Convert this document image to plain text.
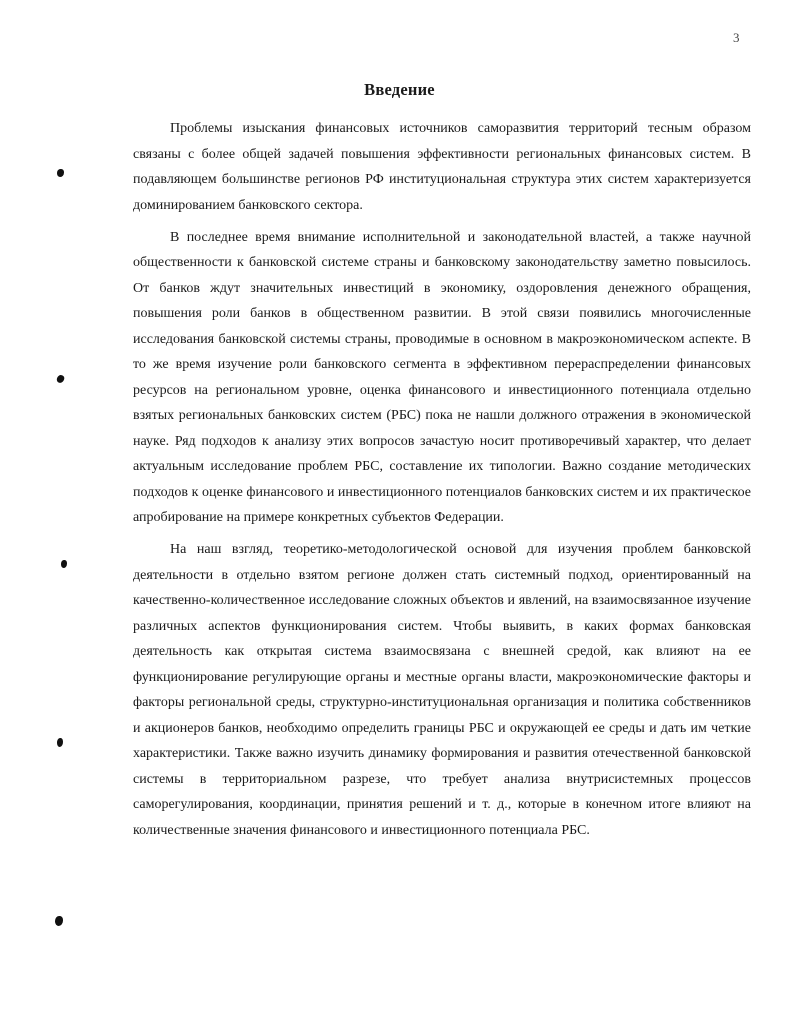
3
Введение

Проблемы изыскания финансовых источников саморазвития территорий тесным образом связаны с более общей задачей повышения эффективности региональных финансовых систем. В подавляющем большинстве регионов РФ институциональная структура этих систем характеризуется доминированием банковского сектора.

В последнее время внимание исполнительной и законодательной властей, а также научной общественности к банковской системе страны и банковскому законодательству заметно повысилось. От банков ждут значительных инвестиций в экономику, оздоровления денежного обращения, повышения роли банков в общественном развитии. В этой связи появились многочисленные исследования банковской системы страны, проводимые в основном в макроэкономическом аспекте. В то же время изучение роли банковского сегмента в эффективном перераспределении финансовых ресурсов на региональном уровне, оценка финансового и инвестиционного потенциала отдельно взятых региональных банковских систем (РБС) пока не нашли должного отражения в экономической науке. Ряд подходов к анализу этих вопросов зачастую носит противоречивый характер, что делает актуальным исследование проблем РБС, составление их типологии. Важно создание методических подходов к оценке финансового и инвестиционного потенциалов банковских систем и их практическое апробирование на примере конкретных субъектов Федерации.

На наш взгляд, теоретико-методологической основой для изучения проблем банковской деятельности в отдельно взятом регионе должен стать системный подход, ориентированный на качественно-количественное исследование сложных объектов и явлений, на взаимосвязанное изучение различных аспектов функционирования систем. Чтобы выявить, в каких формах банковская деятельность как открытая система взаимосвязана с внешней средой, как влияют на ее функционирование регулирующие органы и местные органы власти, макроэкономические факторы и факторы региональной среды, структурно-институциональная организация и политика собственников и акционеров банков, необходимо определить границы РБС и окружающей ее среды и дать им четкие характеристики. Также важно изучить динамику формирования и развития отечественной банковской системы в территориальном разрезе, что требует анализа внутрисистемных процессов саморегулирования, координации, принятия решений и т. д., которые в конечном итоге влияют на количественные значения финансового и инвестиционного потенциала РБС.
